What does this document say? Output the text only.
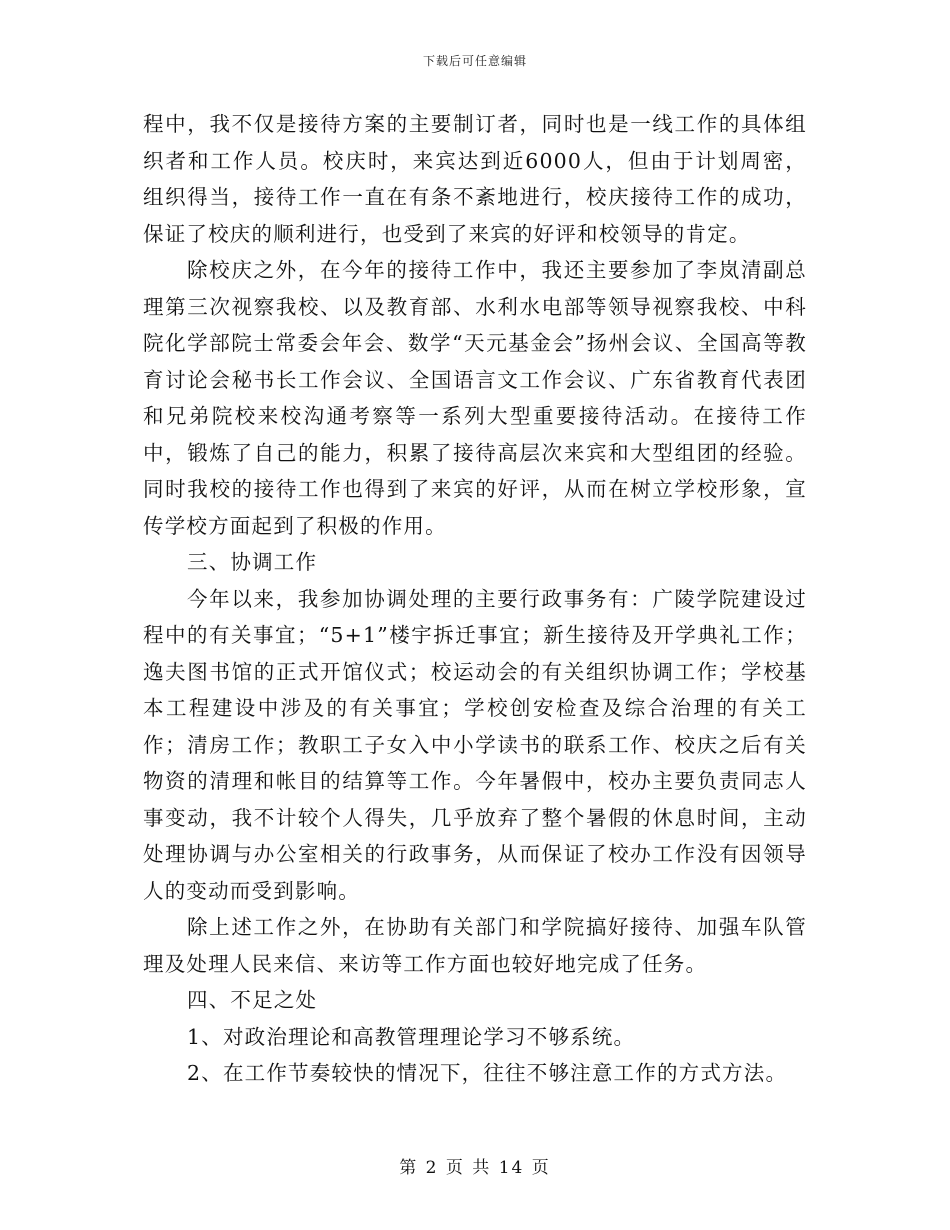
下载后可任意编辑

程中，我不仅是接待方案的主要制订者，同时也是一线工作的具体组织者和工作人员。校庆时，来宾达到近6000人，但由于计划周密，组织得当，接待工作一直在有条不紊地进行，校庆接待工作的成功，保证了校庆的顺利进行，也受到了来宾的好评和校领导的肯定。

除校庆之外，在今年的接待工作中，我还主要参加了李岚清副总理第三次视察我校、以及教育部、水利水电部等领导视察我校、中科院化学部院士常委会年会、数学“天元基金会”扬州会议、全国高等教育讨论会秘书长工作会议、全国语言文工作会议、广东省教育代表团和兄弟院校来校沟通考察等一系列大型重要接待活动。在接待工作中，锻炼了自己的能力，积累了接待高层次来宾和大型组团的经验。同时我校的接待工作也得到了来宾的好评，从而在树立学校形象，宣传学校方面起到了积极的作用。

三、协调工作

今年以来，我参加协调处理的主要行政事务有：广陵学院建设过程中的有关事宜；“5+1”楼宇拆迁事宜；新生接待及开学典礼工作；逸夫图书馆的正式开馆仪式；校运动会的有关组织协调工作；学校基本工程建设中涉及的有关事宜；学校创安检查及综合治理的有关工作；清房工作；教职工子女入中小学读书的联系工作、校庆之后有关物资的清理和帐目的结算等工作。今年暑假中，校办主要负责同志人事变动，我不计较个人得失，几乎放弃了整个暑假的休息时间，主动处理协调与办公室相关的行政事务，从而保证了校办工作没有因领导人的变动而受到影响。

除上述工作之外，在协助有关部门和学院搞好接待、加强车队管理及处理人民来信、来访等工作方面也较好地完成了任务。

四、不足之处

1、对政治理论和高教管理理论学习不够系统。

2、在工作节奏较快的情况下，往往不够注意工作的方式方法。

第 2 页 共 14 页
